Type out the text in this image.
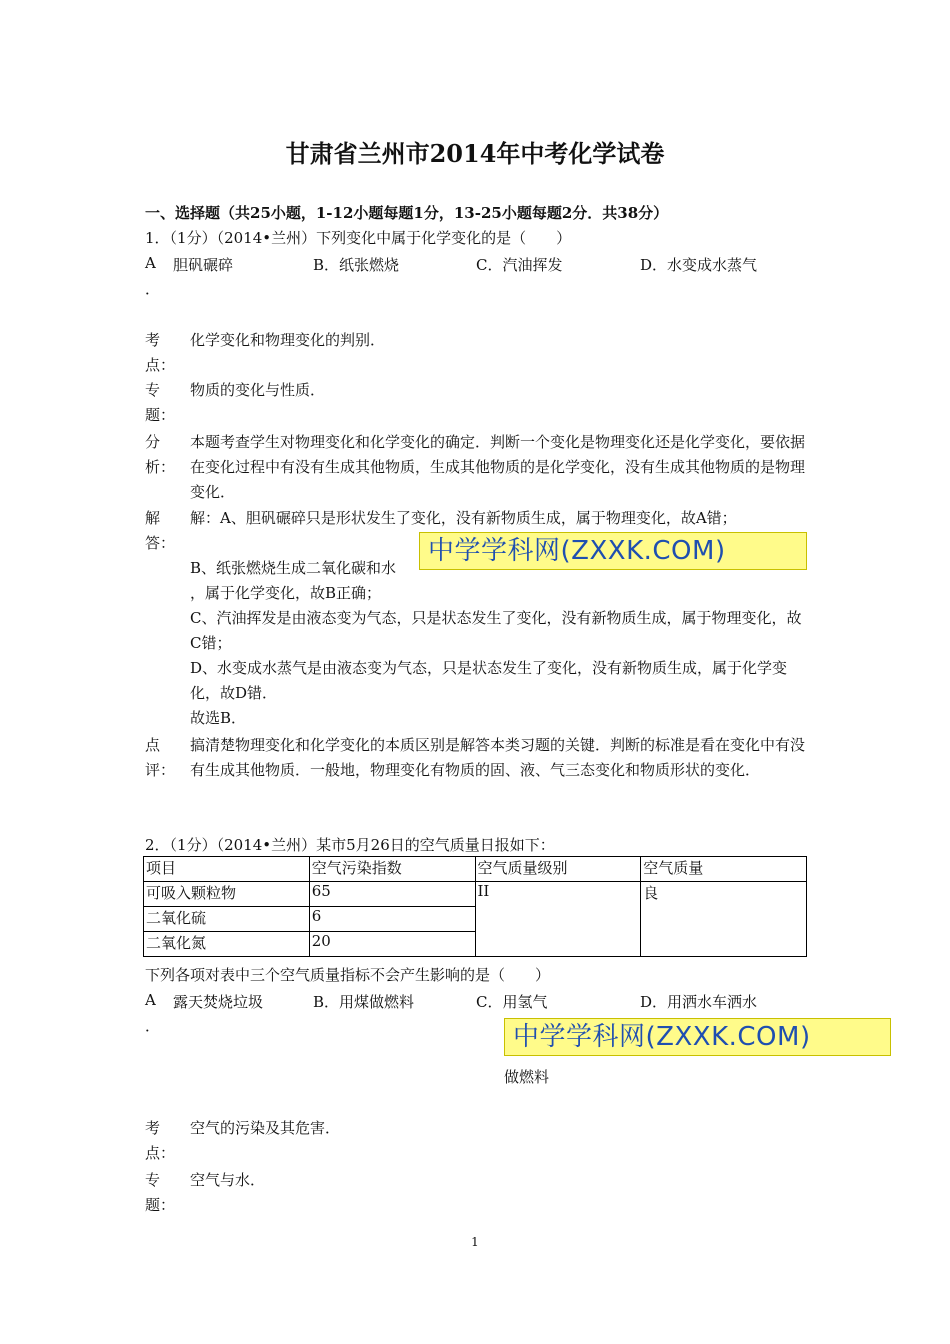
甘肃省兰州市2014年中考化学试卷
一、选择题（共25小题，1-12小题每题1分，13-25小题每题2分．共38分）
1．（1分）（2014•兰州）下列变化中属于化学变化的是（　　）
A
．
胆矾碾碎	B．纸张燃烧	C．汽油挥发	D．水变成水蒸气
考点：
化学变化和物理变化的判别．
专题：
物质的变化与性质．
分析：
本题考查学生对物理变化和化学变化的确定．判断一个变化是物理变化还是化学变化，要依据在变化过程中有没有生成其他物质，生成其他物质的是化学变化，没有生成其他物质的是物理变化．
解答：
解：A、胆矾碾碎只是形状发生了变化，没有新物质生成，属于物理变化，故A错；
B、纸张燃烧生成二氧化碳和水
中学学科网(ZXXK.COM)
，属于化学变化，故B正确；
C、汽油挥发是由液态变为气态，只是状态发生了变化，没有新物质生成，属于物理变化，故C错；
D、水变成水蒸气是由液态变为气态，只是状态发生了变化，没有新物质生成，属于化学变化，故D错．
故选B．
点评：
搞清楚物理变化和化学变化的本质区别是解答本类习题的关键．判断的标准是看在变化中有没有生成其他物质．一般地，物理变化有物质的固、液、气三态变化和物质形状的变化．
2．（1分）（2014•兰州）某市5月26日的空气质量日报如下：
项目	空气污染指数	空气质量级别	空气质量
可吸入颗粒物	65	II	良
二氧化硫	6		
二氧化氮	20		
下列各项对表中三个空气质量指标不会产生影响的是（　　）
A
．
露天焚烧垃圾	B．用煤做燃料	C．用氢气	D．用洒水车洒水
中学学科网(ZXXK.COM)
做燃料
考点：
空气的污染及其危害．
专题：
空气与水．
1
